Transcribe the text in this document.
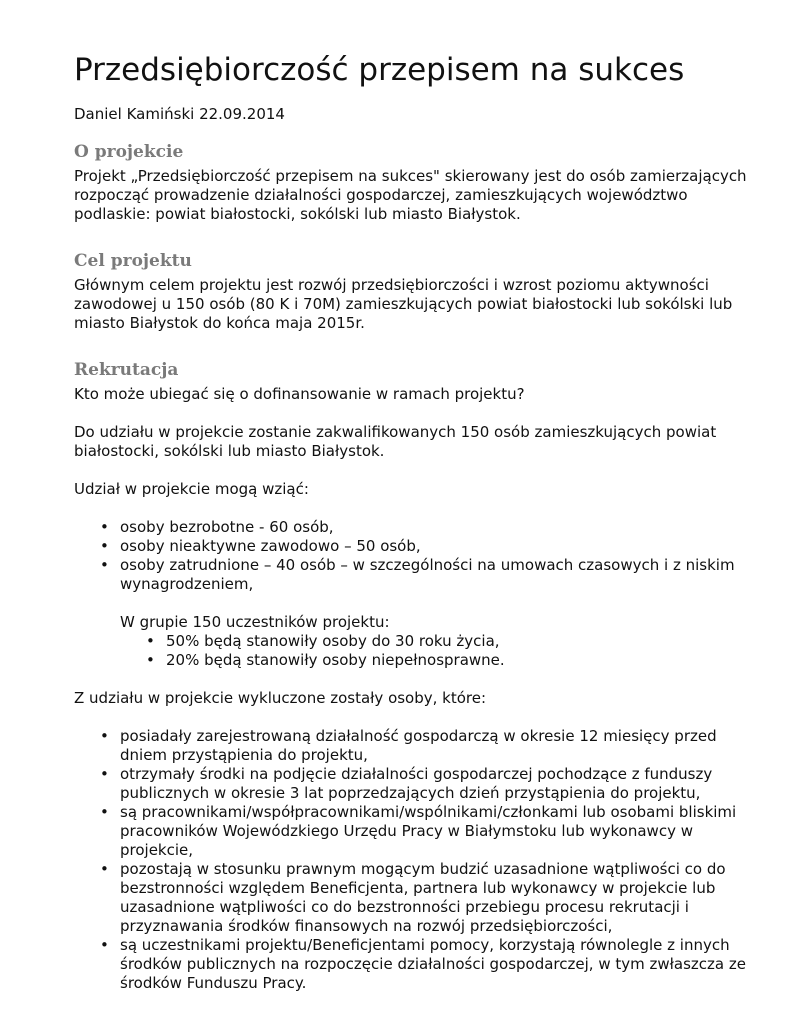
Przedsiębiorczość przepisem na sukces

Daniel Kamiński 22.09.2014

O projekcie

Projekt „Przedsiębiorczość przepisem na sukces" skierowany jest do osób zamierzających rozpocząć prowadzenie działalności gospodarczej, zamieszkujących województwo podlaskie: powiat białostocki, sokólski lub miasto Białystok.

Cel projektu

Głównym celem projektu jest rozwój przedsiębiorczości i wzrost poziomu aktywności zawodowej u 150 osób (80 K i 70M) zamieszkujących powiat białostocki lub sokólski lub miasto Białystok do końca maja 2015r.

Rekrutacja

Kto może ubiegać się o dofinansowanie w ramach projektu?

Do udziału w projekcie zostanie zakwalifikowanych 150 osób zamieszkujących powiat białostocki, sokólski lub miasto Białystok.

Udział w projekcie mogą wziąć:

• osoby bezrobotne - 60 osób,
• osoby nieaktywne zawodowo – 50 osób,
• osoby zatrudnione – 40 osób – w szczególności na umowach czasowych i z niskim wynagrodzeniem,

W grupie 150 uczestników projektu:

• 50% będą stanowiły osoby do 30 roku życia,
• 20% będą stanowiły osoby niepełnosprawne.

Z udziału w projekcie wykluczone zostały osoby, które:

• posiadały zarejestrowaną działalność gospodarczą w okresie 12 miesięcy przed dniem przystąpienia do projektu,
• otrzymały środki na podjęcie działalności gospodarczej pochodzące z funduszy publicznych w okresie 3 lat poprzedzających dzień przystąpienia do projektu,
• są pracownikami/współpracownikami/wspólnikami/członkami lub osobami bliskimi pracowników Wojewódzkiego Urzędu Pracy w Białymstoku lub wykonawcy w projekcie,
• pozostają w stosunku prawnym mogącym budzić uzasadnione wątpliwości co do bezstronności względem Beneficjenta, partnera lub wykonawcy w projekcie lub uzasadnione wątpliwości co do bezstronności przebiegu procesu rekrutacji i przyznawania środków finansowych na rozwój przedsiębiorczości,
• są uczestnikami projektu/Beneficjentami pomocy, korzystają równolegle z innych środków publicznych na rozpoczęcie działalności gospodarczej, w tym zwłaszcza ze środków Funduszu Pracy.
